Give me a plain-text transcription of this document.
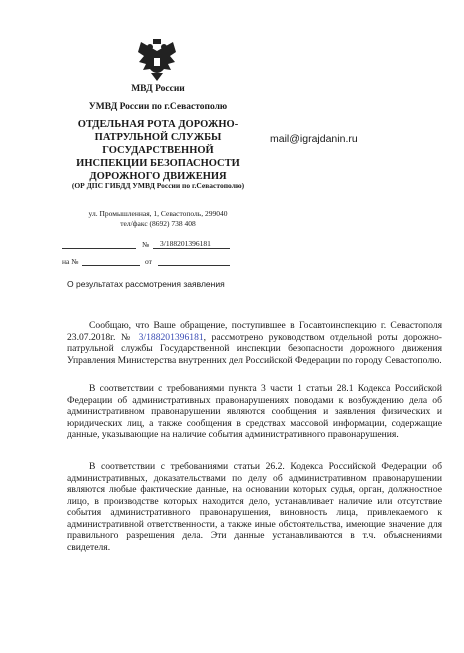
МВД России
УМВД России по г.Севастополю
ОТДЕЛЬНАЯ РОТА ДОРОЖНО-ПАТРУЛЬНОЙ СЛУЖБЫ ГОСУДАРСТВЕННОЙ ИНСПЕКЦИИ БЕЗОПАСНОСТИ ДОРОЖНОГО ДВИЖЕНИЯ
(ОР ДПС ГИБДД УМВД России по г.Севастополю)
ул. Промышленная, 1, Севастополь, 299040
тел/факс (8692) 738 408
mail@igrajdanin.ru
№ 3/188201396181
на №	от
О результатах рассмотрения заявления
Сообщаю, что Ваше обращение, поступившее в Госавтоинспекцию г. Севастополя 23.07.2018г. № 3/188201396181, рассмотрено руководством отдельной роты дорожно-патрульной службы Государственной инспекции безопасности дорожного движения Управления Министерства внутренних дел Российской Федерации по городу Севастополю.
В соответствии с требованиями пункта 3 части 1 статьи 28.1 Кодекса Российской Федерации об административных правонарушениях поводами к возбуждению дела об административном правонарушении являются сообщения и заявления физических и юридических лиц, а также сообщения в средствах массовой информации, содержащие данные, указывающие на наличие события административного правонарушения.
В соответствии с требованиями статьи 26.2. Кодекса Российской Федерации об административных, доказательствами по делу об административном правонарушении являются любые фактические данные, на основании которых судья, орган, должностное лицо, в производстве которых находится дело, устанавливает наличие или отсутствие события административного правонарушения, виновность лица, привлекаемого к административной ответственности, а также иные обстоятельства, имеющие значение для правильного разрешения дела. Эти данные устанавливаются в т.ч. объяснениями свидетеля.
